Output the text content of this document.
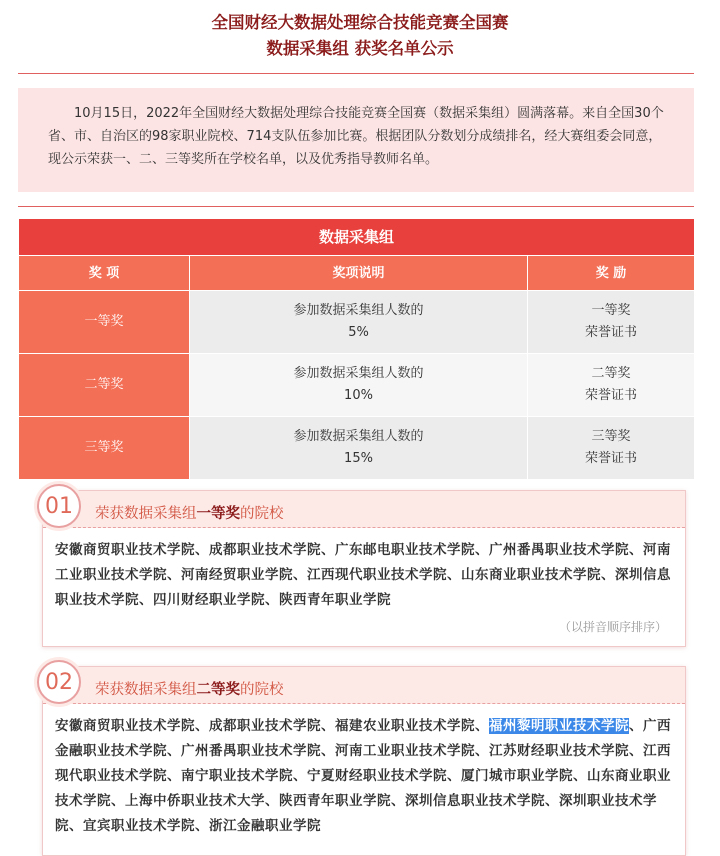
全国财经大数据处理综合技能竞赛全国赛
数据采集组 获奖名单公示
10月15日，2022年全国财经大数据处理综合技能竞赛全国赛（数据采集组）圆满落幕。来自全国30个省、市、自治区的98家职业院校、714支队伍参加比赛。根据团队分数划分成绩排名，经大赛组委会同意，现公示荣获一、二、三等奖所在学校名单，以及优秀指导教师名单。
数据采集组
奖 项	奖项说明	奖 励
一等奖
参加数据采集组人数的
5%
一等奖
荣誉证书
二等奖
参加数据采集组人数的
10%
二等奖
荣誉证书
三等奖
参加数据采集组人数的
15%
三等奖
荣誉证书
荣获数据采集组一等奖的院校
安徽商贸职业技术学院、成都职业技术学院、广东邮电职业技术学院、广州番禺职业技术学院、河南工业职业技术学院、河南经贸职业学院、江西现代职业技术学院、山东商业职业技术学院、深圳信息职业技术学院、四川财经职业学院、陕西青年职业学院
（以拼音顺序排序）
01
荣获数据采集组二等奖的院校
安徽商贸职业技术学院、成都职业技术学院、福建农业职业技术学院、福州黎明职业技术学院、广西金融职业技术学院、广州番禺职业技术学院、河南工业职业技术学院、江苏财经职业技术学院、江西现代职业技术学院、南宁职业技术学院、宁夏财经职业技术学院、厦门城市职业学院、山东商业职业技术学院、上海中侨职业技术大学、陕西青年职业学院、深圳信息职业技术学院、深圳职业技术学院、宜宾职业技术学院、浙江金融职业学院
02
